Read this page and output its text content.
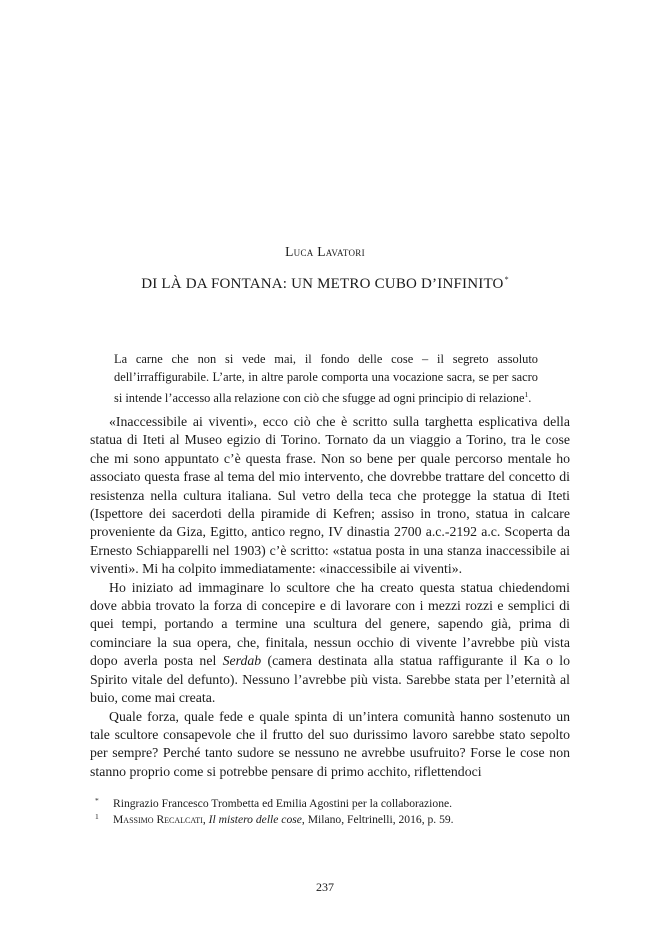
Luca Lavatori
DI LÀ DA FONTANA: UN METRO CUBO D’INFINITO*
La carne che non si vede mai, il fondo delle cose – il segreto assoluto dell’irraffigurabile. L’arte, in altre parole comporta una vocazione sacra, se per sacro si intende l’accesso alla relazione con ciò che sfugge ad ogni principio di relazione$^1$.

«Inaccessibile ai viventi», ecco ciò che è scritto sulla targhetta esplicativa della statua di Iteti al Museo egizio di Torino. Tornato da un viaggio a Torino, tra le cose che mi sono appuntato c’è questa frase. Non so bene per quale percorso mentale ho associato questa frase al tema del mio intervento, che dovrebbe trattare del concetto di resistenza nella cultura italiana. Sul vetro della teca che protegge la statua di Iteti (Ispettore dei sacerdoti della piramide di Kefren; assiso in trono, statua in calcare proveniente da Giza, Egitto, antico regno, IV dinastia 2700 a.c.-2192 a.c. Scoperta da Ernesto Schiapparelli nel 1903) c’è scritto: «statua posta in una stanza inaccessibile ai viventi». Mi ha colpito immediatamente: «inaccessibile ai viventi».

Ho iniziato ad immaginare lo scultore che ha creato questa statua chiedendomi dove abbia trovato la forza di concepire e di lavorare con i mezzi rozzi e semplici di quei tempi, portando a termine una scultura del genere, sapendo già, prima di cominciare la sua opera, che, finitala, nessun occhio di vivente l’avrebbe più vista dopo averla posta nel Serdab (camera destinata alla statua raffigurante il Ka o lo Spirito vitale del defunto). Nessuno l’avrebbe più vista. Sarebbe stata per l’eternità al buio, come mai creata.

Quale forza, quale fede e quale spinta di un’intera comunità hanno sostenuto un tale scultore consapevole che il frutto del suo durissimo lavoro sarebbe stato sepolto per sempre? Perché tanto sudore se nessuno ne avrebbe usufruito? Forse le cose non stanno proprio come si potrebbe pensare di primo acchito, riflettendoci

* Ringrazio Francesco Trombetta ed Emilia Agostini per la collaborazione.
1 Massimo Recalcati, Il mistero delle cose, Milano, Feltrinelli, 2016, p. 59.
237
